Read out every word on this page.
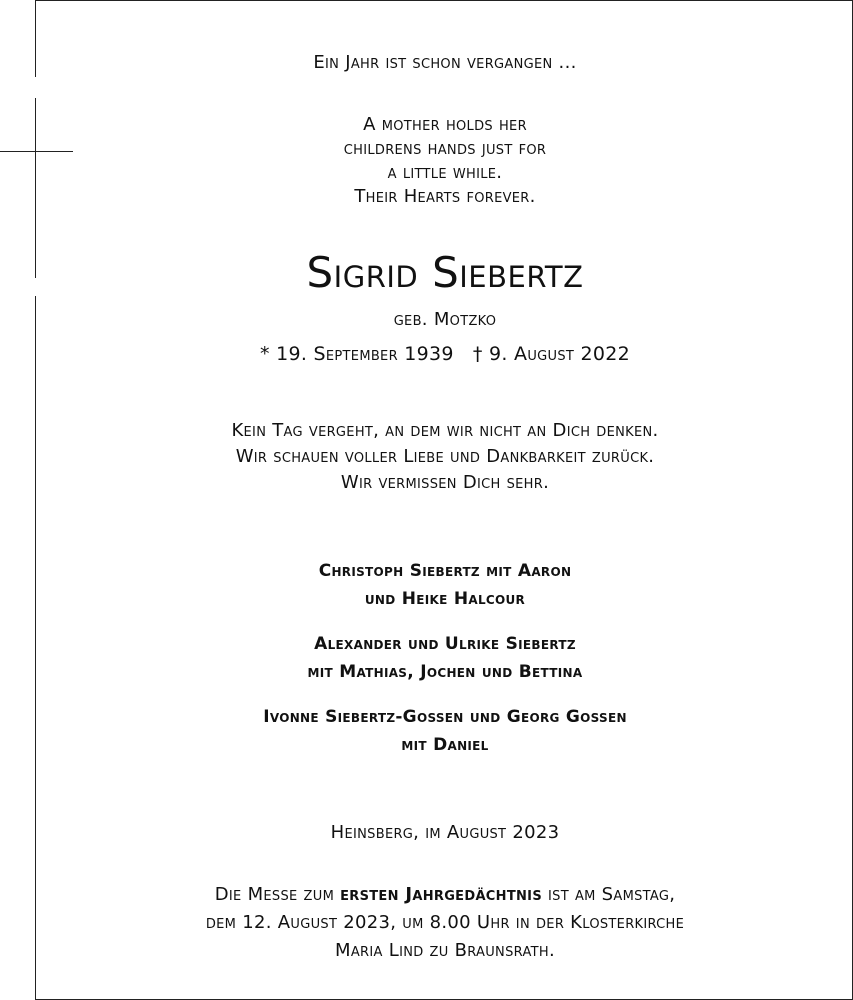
Ein Jahr ist schon vergangen ...
A mother holds her
childrens hands just for
a little while.
Their Hearts forever.
Sigrid Siebertz
geb. Motzko
* 19. September 1939 † 9. August 2022
Kein Tag vergeht, an dem wir nicht an Dich denken.
Wir schauen voller Liebe und Dankbarkeit zurück.
Wir vermissen Dich sehr.
Christoph Siebertz mit Aaron
und Heike Halcour
Alexander und Ulrike Siebertz
mit Mathias, Jochen und Bettina
Ivonne Siebertz-Gossen und Georg Gossen
mit Daniel
Heinsberg, im August 2023
Die Messe zum ersten Jahrgedächtnis ist am Samstag,
dem 12. August 2023, um 8.00 Uhr in der Klosterkirche
Maria Lind zu Braunsrath.
